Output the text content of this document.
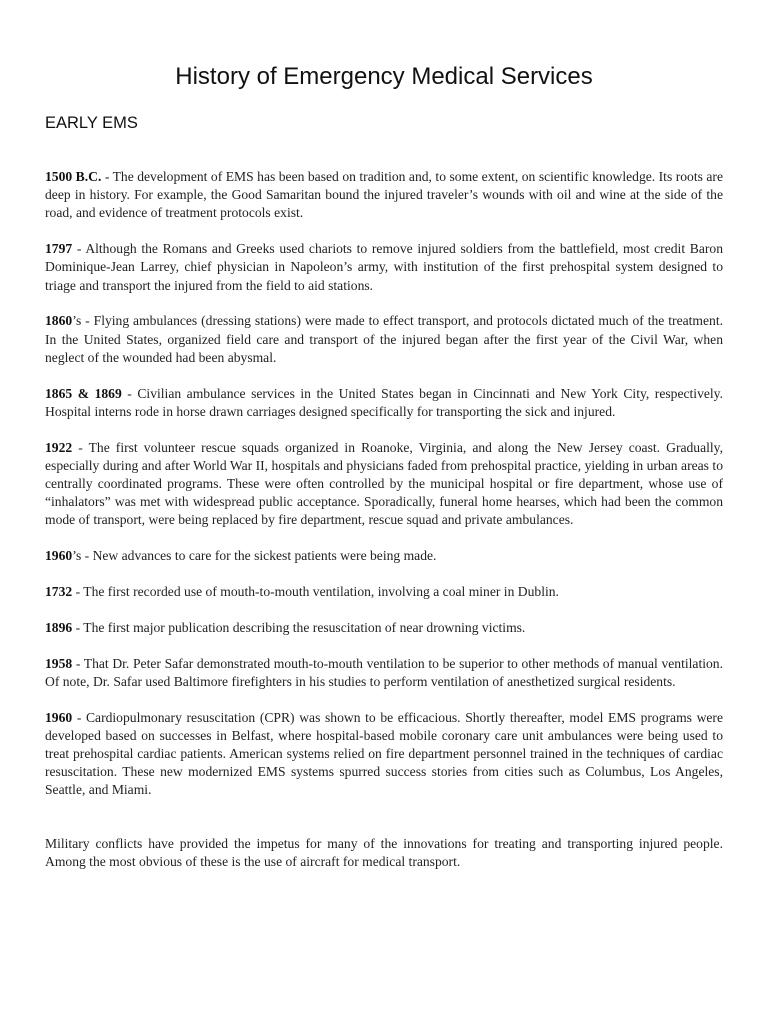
History of Emergency Medical Services
EARLY EMS

1500 B.C. - The development of EMS has been based on tradition and, to some extent, on scientific knowledge. Its roots are deep in history. For example, the Good Samaritan bound the injured traveler’s wounds with oil and wine at the side of the road, and evidence of treatment protocols exist.

1797 - Although the Romans and Greeks used chariots to remove injured soldiers from the battlefield, most credit Baron Dominique-Jean Larrey, chief physician in Napoleon’s army, with institution of the first prehospital system designed to triage and transport the injured from the field to aid stations.

1860’s - Flying ambulances (dressing stations) were made to effect transport, and protocols dictated much of the treatment. In the United States, organized field care and transport of the injured began after the first year of the Civil War, when neglect of the wounded had been abysmal.

1865 & 1869 - Civilian ambulance services in the United States began in Cincinnati and New York City, respectively. Hospital interns rode in horse drawn carriages designed specifically for transporting the sick and injured.

1922 - The first volunteer rescue squads organized in Roanoke, Virginia, and along the New Jersey coast. Gradually, especially during and after World War II, hospitals and physicians faded from prehospital practice, yielding in urban areas to centrally coordinated programs. These were often controlled by the municipal hospital or fire department, whose use of “inhalators” was met with widespread public acceptance. Sporadically, funeral home hearses, which had been the common mode of transport, were being replaced by fire department, rescue squad and private ambulances.

1960’s - New advances to care for the sickest patients were being made.

1732 - The first recorded use of mouth-to-mouth ventilation, involving a coal miner in Dublin.

1896 - The first major publication describing the resuscitation of near drowning victims.

1958 - That Dr. Peter Safar demonstrated mouth-to-mouth ventilation to be superior to other methods of manual ventilation. Of note, Dr. Safar used Baltimore firefighters in his studies to perform ventilation of anesthetized surgical residents.

1960 - Cardiopulmonary resuscitation (CPR) was shown to be efficacious. Shortly thereafter, model EMS programs were developed based on successes in Belfast, where hospital-based mobile coronary care unit ambulances were being used to treat prehospital cardiac patients. American systems relied on fire department personnel trained in the techniques of cardiac resuscitation. These new modernized EMS systems spurred success stories from cities such as Columbus, Los Angeles, Seattle, and Miami.

Military conflicts have provided the impetus for many of the innovations for treating and transporting injured people. Among the most obvious of these is the use of aircraft for medical transport.
